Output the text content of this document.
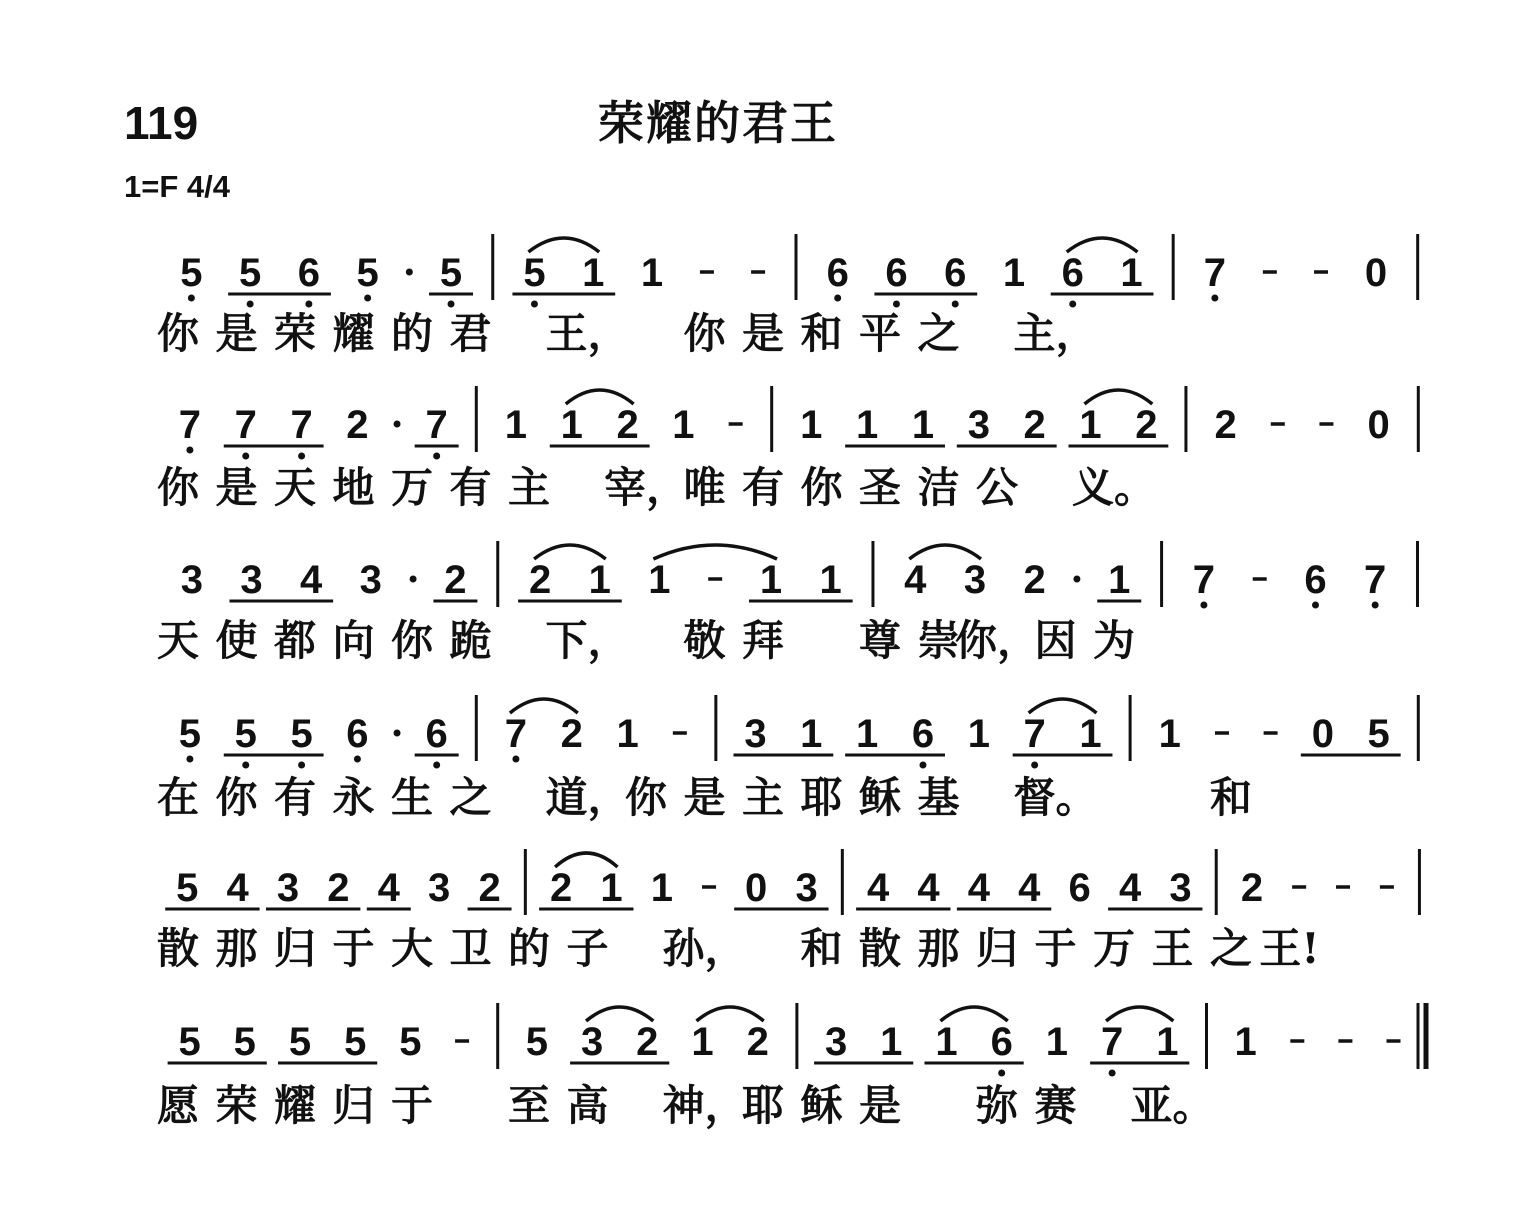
119	荣耀的君王
1=F 4/4
5 5 6 5 5 5 1 1	6 6 6 1 6 1 7	0
你 是 荣 耀 的 君 王， 你 是 和 平 之 主，
7 7 7 2 7 1 1 2 1	1 1 1 3 2 1 2 2	0
你 是 天 地 万 有 主 宰，
唯 有 你 圣 洁 公 义。
3 3 4 3 2 2 1 1 1 1 4 3 2 1 7 6 7
天 使 都 向 你 跪 下， 敬 拜 尊 崇
你，
因 为
5 5 5 6 6 7 2 1	3 1 1 6 1 7 1 1	0 5
在 你 有 永 生 之 道，
你 是 主 耶 稣 基 督。	和
5 4 3 2 4 3 2 2 1 1 0 3 4 4 4 4 6 4 3 2
散 那 归 于 大 卫 的 子 孙， 和 散 那 归 于 万 王 之 王!
5 5 5 5 5	5 3 2 1 2 3 1 1 6 1 7 1 1
愿 荣 耀 归 于 至 高 神，
耶 稣 是 弥 赛 亚。
